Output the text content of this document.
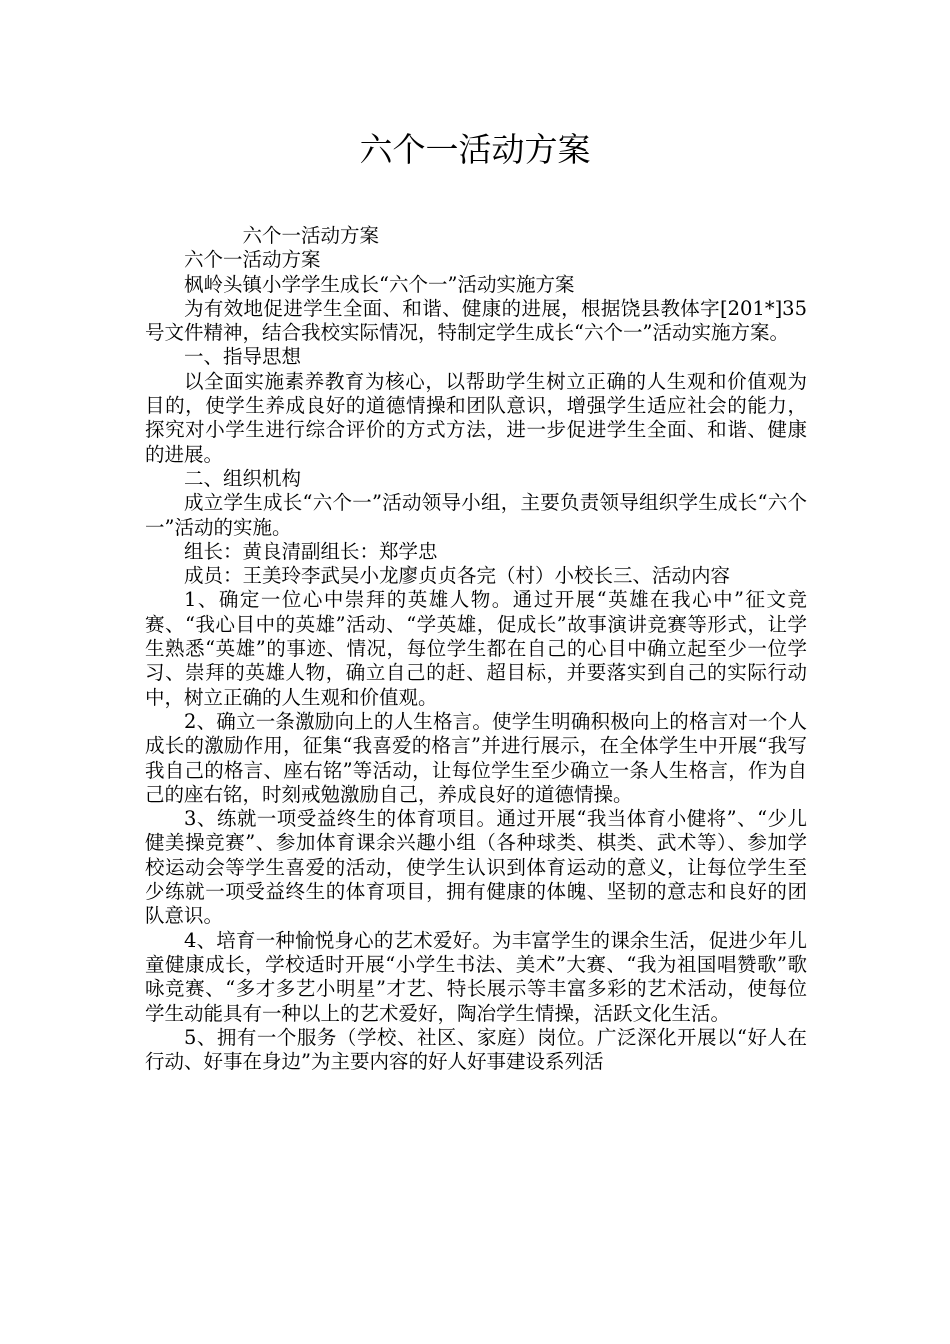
六个一活动方案

六个一活动方案

六个一活动方案

枫岭头镇小学学生成长“六个一”活动实施方案

为有效地促进学生全面、和谐、健康的进展，根据饶县教体字[201*]35号文件精神，结合我校实际情况，特制定学生成长“六个一”活动实施方案。

一、指导思想

以全面实施素养教育为核心，以帮助学生树立正确的人生观和价值观为目的，使学生养成良好的道德情操和团队意识，增强学生适应社会的能力，探究对小学生进行综合评价的方式方法，进一步促进学生全面、和谐、健康的进展。

二、组织机构

成立学生成长“六个一”活动领导小组，主要负责领导组织学生成长“六个一”活动的实施。

组长：黄良清副组长：郑学忠

成员：王美玲李武吴小龙廖贞贞各完（村）小校长三、活动内容

1、确定一位心中崇拜的英雄人物。通过开展“英雄在我心中”征文竞赛、“我心目中的英雄”活动、“学英雄，促成长”故事演讲竞赛等形式，让学生熟悉“英雄”的事迹、情况，每位学生都在自己的心目中确立起至少一位学习、崇拜的英雄人物，确立自己的赶、超目标，并要落实到自己的实际行动中，树立正确的人生观和价值观。

2、确立一条激励向上的人生格言。使学生明确积极向上的格言对一个人成长的激励作用，征集“我喜爱的格言”并进行展示，在全体学生中开展“我写我自己的格言、座右铭”等活动，让每位学生至少确立一条人生格言，作为自己的座右铭，时刻戒勉激励自己，养成良好的道德情操。

3、练就一项受益终生的体育项目。通过开展“我当体育小健将”、“少儿健美操竞赛”、参加体育课余兴趣小组（各种球类、棋类、武术等）、参加学校运动会等学生喜爱的活动，使学生认识到体育运动的意义，让每位学生至少练就一项受益终生的体育项目，拥有健康的体魄、坚韧的意志和良好的团队意识。

4、培育一种愉悦身心的艺术爱好。为丰富学生的课余生活，促进少年儿童健康成长，学校适时开展“小学生书法、美术”大赛、“我为祖国唱赞歌”歌咏竞赛、“多才多艺小明星”才艺、特长展示等丰富多彩的艺术活动，使每位学生动能具有一种以上的艺术爱好，陶冶学生情操，活跃文化生活。

5、拥有一个服务（学校、社区、家庭）岗位。广泛深化开展以“好人在行动、好事在身边”为主要内容的好人好事建设系列活
